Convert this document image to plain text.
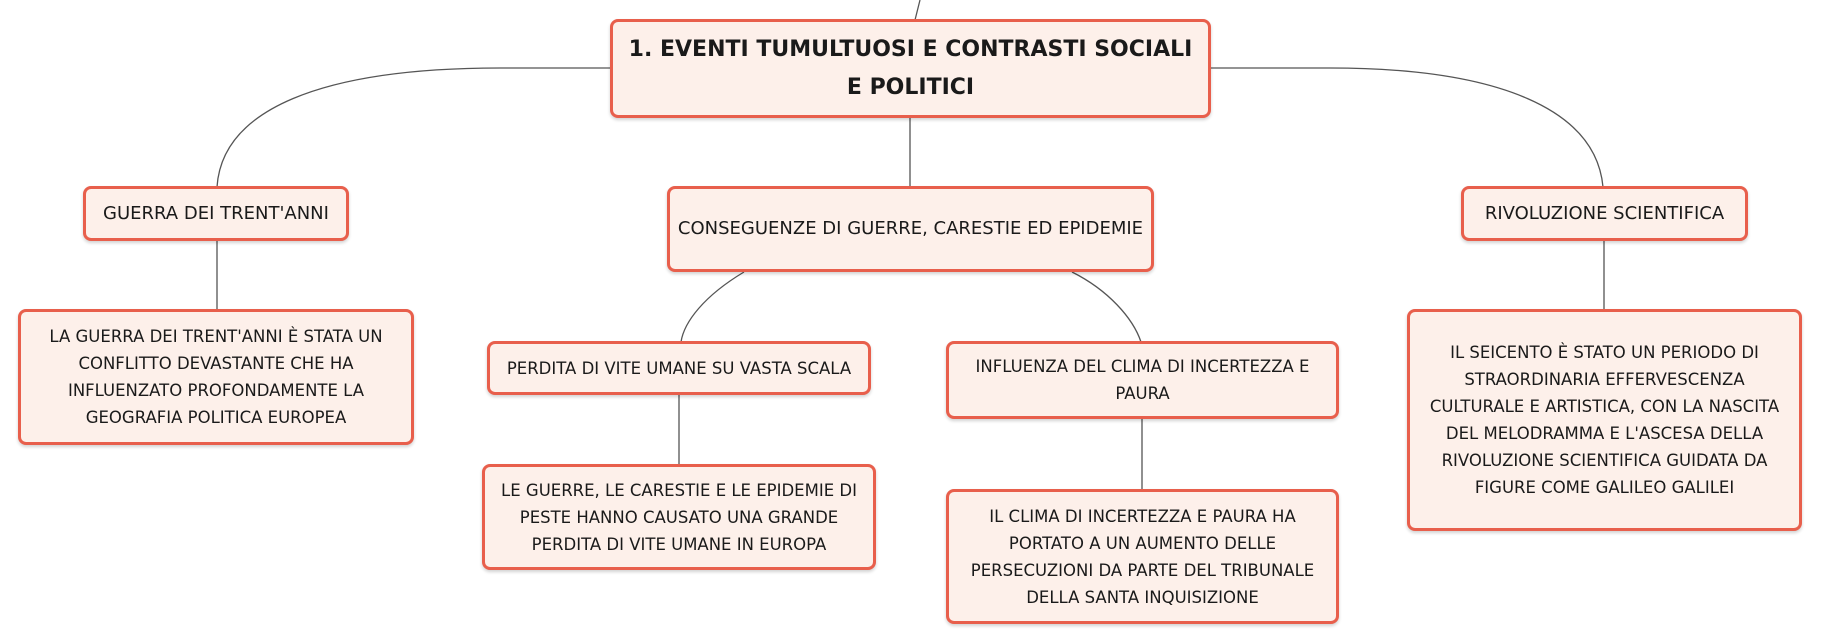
1. EVENTI TUMULTUOSI E CONTRASTI SOCIALI E POLITICI
GUERRA DEI TRENT'ANNI
CONSEGUENZE DI GUERRE, CARESTIE ED EPIDEMIE
RIVOLUZIONE SCIENTIFICA
LA GUERRA DEI TRENT'ANNI È STATA UN CONFLITTO DEVASTANTE CHE HA INFLUENZATO PROFONDAMENTE LA GEOGRAFIA POLITICA EUROPEA
PERDITA DI VITE UMANE SU VASTA SCALA	INFLUENZA DEL CLIMA DI INCERTEZZA E PAURA
LE GUERRE, LE CARESTIE E LE EPIDEMIE DI PESTE HANNO CAUSATO UNA GRANDE PERDITA DI VITE UMANE IN EUROPA
IL CLIMA DI INCERTEZZA E PAURA HA PORTATO A UN AUMENTO DELLE PERSECUZIONI DA PARTE DEL TRIBUNALE DELLA SANTA INQUISIZIONE
IL SEICENTO È STATO UN PERIODO DI STRAORDINARIA EFFERVESCENZA CULTURALE E ARTISTICA, CON LA NASCITA DEL MELODRAMMA E L'ASCESA DELLA RIVOLUZIONE SCIENTIFICA GUIDATA DA FIGURE COME GALILEO GALILEI
